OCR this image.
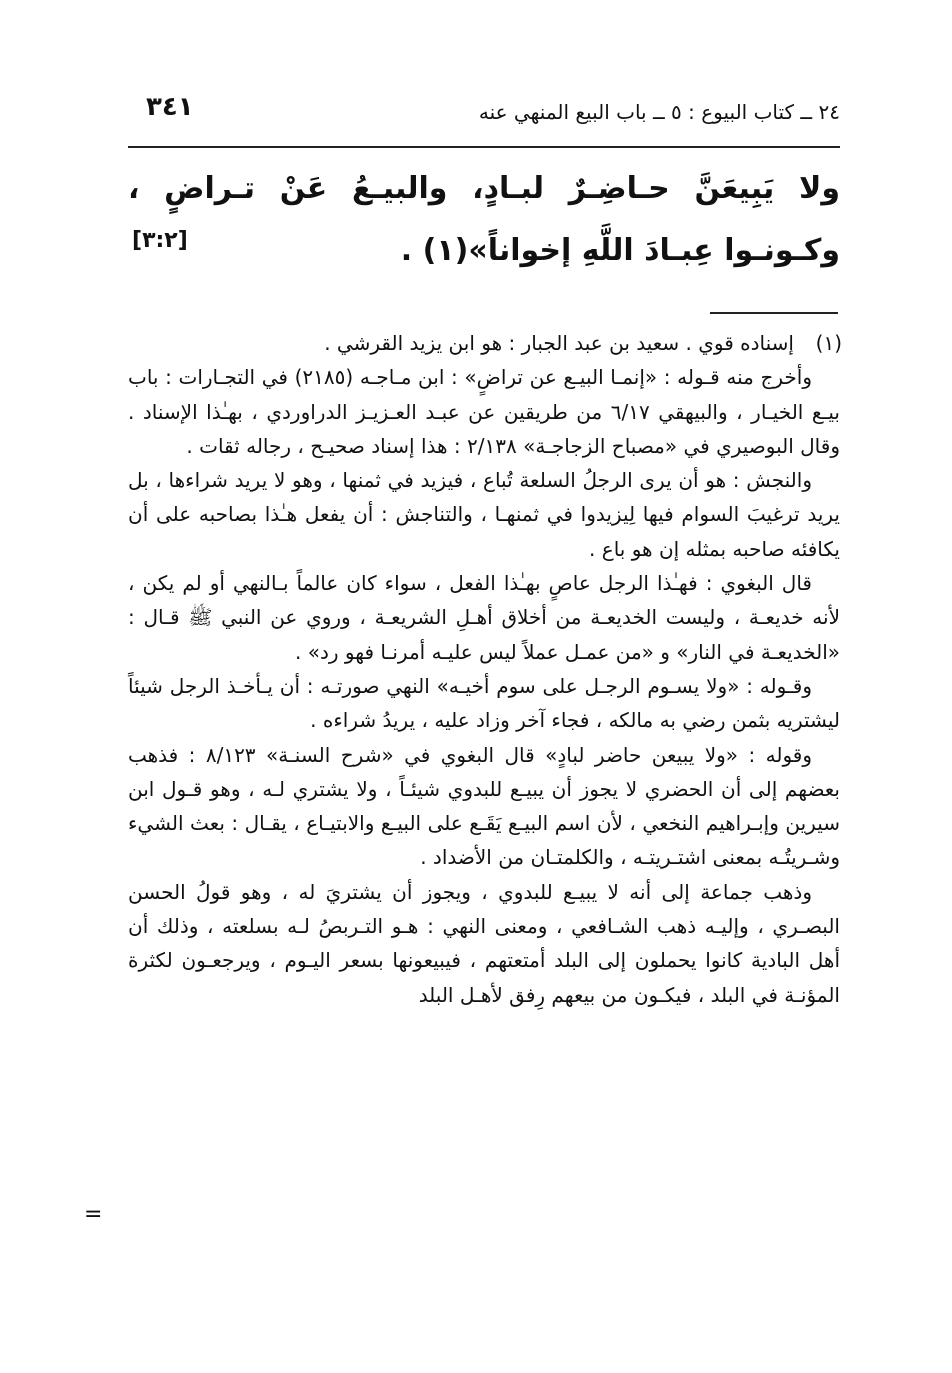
٣٤١	٢٤ ــ كتاب البيوع : ٥ ــ باب البيع المنهي عنه
ولا يَبِيعَنَّ حـاضِـرٌ لبـادٍ، والبيـعُ عَنْ تـراضٍ ، وكـونـوا عِبـادَ اللَّهِ إخواناً»(١) .
[٣:٢]
(١)

إسناده قوي . سعيد بن عبد الجبار : هو ابن يزيد القرشي .

وأخرج منه قـوله : «إنمـا البيـع عن تراضٍ» : ابن مـاجـه (٢١٨٥) في التجـارات : باب بيـع الخيـار ، والبيهقي ٦/١٧ من طريقين عن عبـد العـزيـز الدراوردي ، بهـٰذا الإسناد . وقال البوصيري في «مصباح الزجاجـة» ٢/١٣٨ : هذا إسناد صحيـح ، رجاله ثقات .

والنجش : هو أن يرى الرجلُ السلعة تُباع ، فيزيد في ثمنها ، وهو لا يريد شراءها ، بل يريد ترغيبَ السوام فيها لِيزيدوا في ثمنهـا ، والتناجش : أن يفعل هـٰذا بصاحبه على أن يكافئه صاحبه بمثله إن هو باع .

قال البغوي : فهـٰذا الرجل عاصٍ بهـٰذا الفعل ، سواء كان عالماً بـالنهي أو لم يكن ، لأنه خديعـة ، وليست الخديعـة من أخلاق أهـلِ الشريعـة ، وروي عن النبي ﷺ قـال : «الخديعـة في النار» و «من عمـل عملاً ليس عليـه أمرنـا فهو رد» .

وقـوله : «ولا يسـوم الرجـل على سوم أخيـه» النهي صورتـه : أن يـأخـذ الرجل شيئاً ليشتريه بثمن رضي به مالكه ، فجاء آخر وزاد عليه ، يريدُ شراءه .

وقوله : «ولا يبيعن حاضر لبادٍ» قال البغوي في «شرح السنـة» ٨/١٢٣ : فذهب بعضهم إلى أن الحضري لا يجوز أن يبيـع للبدوي شيئـاً ، ولا يشتري لـه ، وهو قـول ابن سيرين وإبـراهيم النخعي ، لأن اسم البيـع يَقَـع على البيـع والابتيـاع ، يقـال : بعث الشيء وشـريتُـه بمعنى اشتـريتـه ، والكلمتـان من الأضداد .

وذهب جماعة إلى أنه لا يبيـع للبدوي ، ويجوز أن يشتريَ له ، وهو قولُ الحسن البصـري ، وإليـه ذهب الشـافعي ، ومعنى النهي : هـو التـربصُ لـه بسلعته ، وذلك أن أهل البادية كانوا يحملون إلى البلد أمتعتهم ، فيبيعونها بسعر اليـوم ، ويرجعـون لكثرة المؤنـة في البلد ، فيكـون من بيعهم رِفق لأهـل البلد

=
